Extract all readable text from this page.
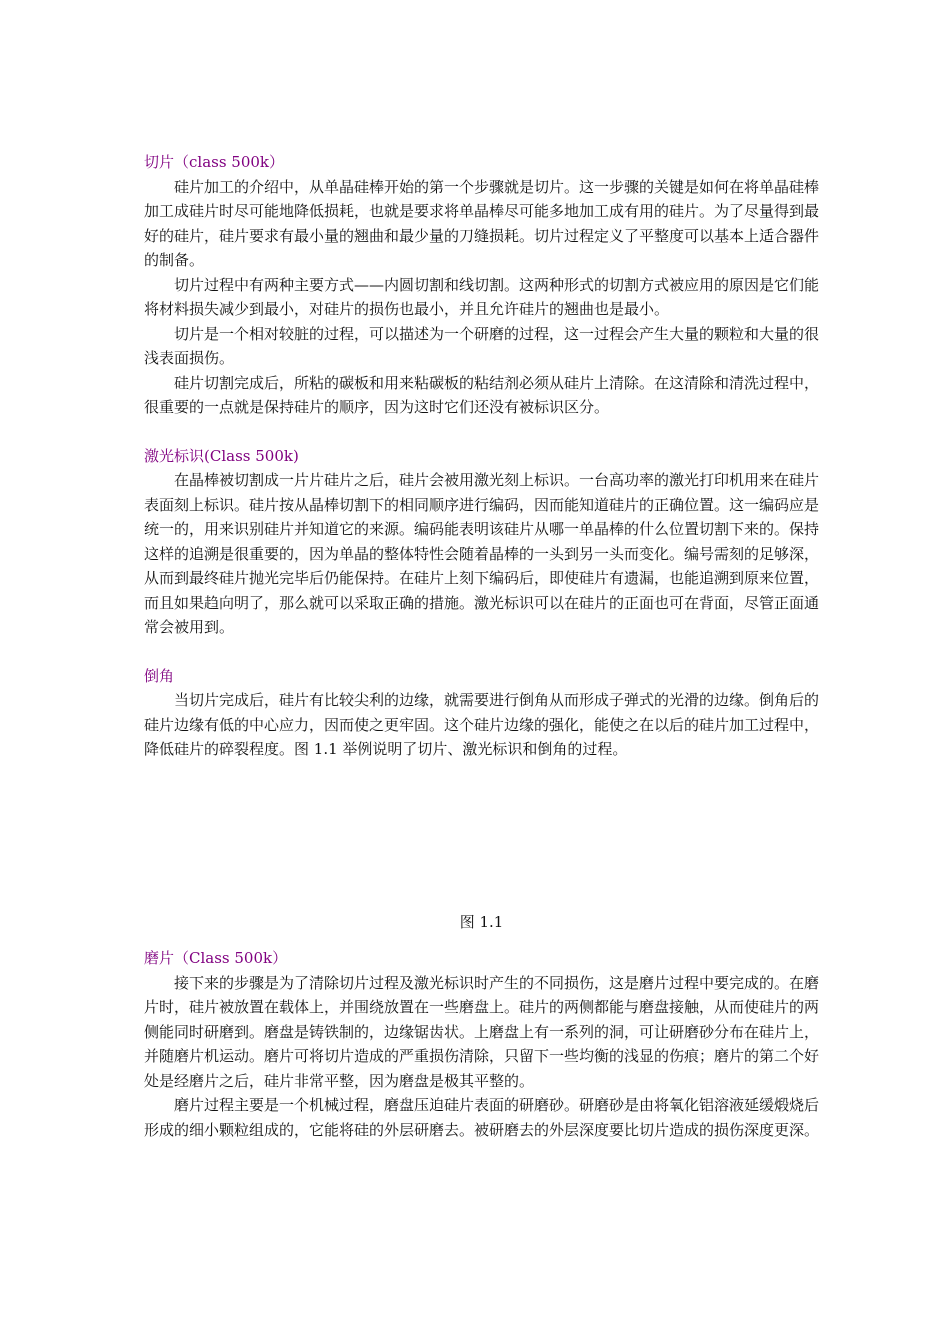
切片（class 500k）

硅片加工的介绍中，从单晶硅棒开始的第一个步骤就是切片。这一步骤的关键是如何在将单晶硅棒加工成硅片时尽可能地降低损耗，也就是要求将单晶棒尽可能多地加工成有用的硅片。为了尽量得到最好的硅片，硅片要求有最小量的翘曲和最少量的刀缝损耗。切片过程定义了平整度可以基本上适合器件的制备。

切片过程中有两种主要方式——内圆切割和线切割。这两种形式的切割方式被应用的原因是它们能将材料损失减少到最小，对硅片的损伤也最小，并且允许硅片的翘曲也是最小。

切片是一个相对较脏的过程，可以描述为一个研磨的过程，这一过程会产生大量的颗粒和大量的很浅表面损伤。

硅片切割完成后，所粘的碳板和用来粘碳板的粘结剂必须从硅片上清除。在这清除和清洗过程中，很重要的一点就是保持硅片的顺序，因为这时它们还没有被标识区分。

激光标识(Class 500k)

在晶棒被切割成一片片硅片之后，硅片会被用激光刻上标识。一台高功率的激光打印机用来在硅片表面刻上标识。硅片按从晶棒切割下的相同顺序进行编码，因而能知道硅片的正确位置。这一编码应是统一的，用来识别硅片并知道它的来源。编码能表明该硅片从哪一单晶棒的什么位置切割下来的。保持这样的追溯是很重要的，因为单晶的整体特性会随着晶棒的一头到另一头而变化。编号需刻的足够深，从而到最终硅片抛光完毕后仍能保持。在硅片上刻下编码后，即使硅片有遗漏，也能追溯到原来位置，而且如果趋向明了，那么就可以采取正确的措施。激光标识可以在硅片的正面也可在背面，尽管正面通常会被用到。

倒角

当切片完成后，硅片有比较尖利的边缘，就需要进行倒角从而形成子弹式的光滑的边缘。倒角后的硅片边缘有低的中心应力，因而使之更牢固。这个硅片边缘的强化，能使之在以后的硅片加工过程中，降低硅片的碎裂程度。图 1.1 举例说明了切片、激光标识和倒角的过程。

图 1.1

磨片（Class 500k）

接下来的步骤是为了清除切片过程及激光标识时产生的不同损伤，这是磨片过程中要完成的。在磨片时，硅片被放置在载体上，并围绕放置在一些磨盘上。硅片的两侧都能与磨盘接触，从而使硅片的两侧能同时研磨到。磨盘是铸铁制的，边缘锯齿状。上磨盘上有一系列的洞，可让研磨砂分布在硅片上，并随磨片机运动。磨片可将切片造成的严重损伤清除，只留下一些均衡的浅显的伤痕；磨片的第二个好处是经磨片之后，硅片非常平整，因为磨盘是极其平整的。

磨片过程主要是一个机械过程，磨盘压迫硅片表面的研磨砂。研磨砂是由将氧化铝溶液延缓煅烧后形成的细小颗粒组成的，它能将硅的外层研磨去。被研磨去的外层深度要比切片造成的损伤深度更深。
